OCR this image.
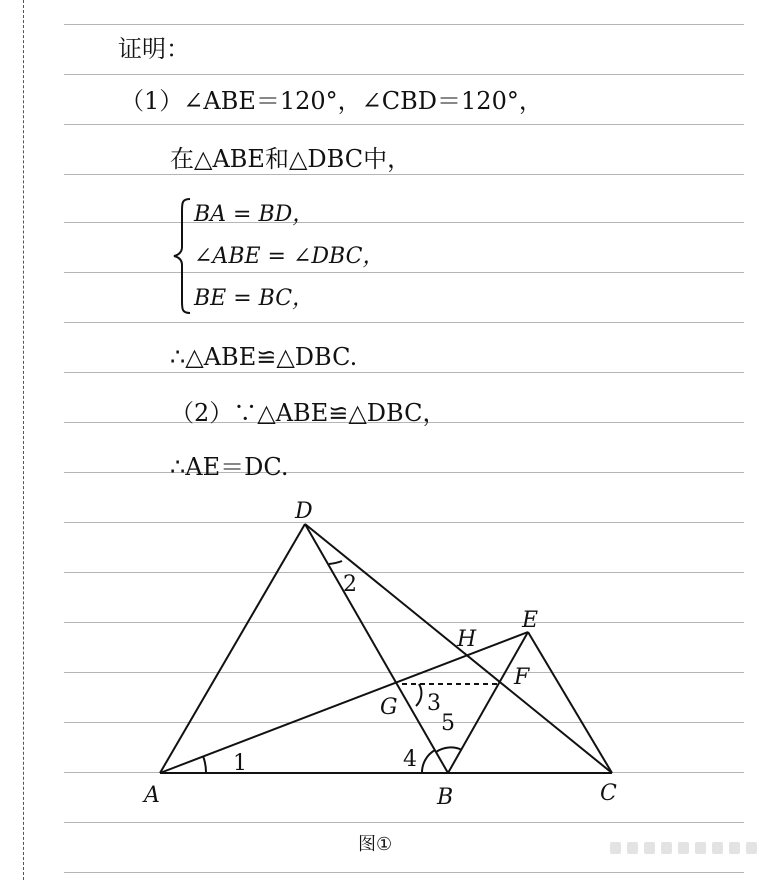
证明：
（1）∠ABE＝120°，∠CBD＝120°，
在△ABE和△DBC中，
BA = BD，
∠ABE = ∠DBC，
BE = BC，
∴△ABE≌△DBC.
（2）∵△ABE≌△DBC，
∴AE＝DC.
A	B	C
D
E
F
G
H
1
2
3
4
5
图①
